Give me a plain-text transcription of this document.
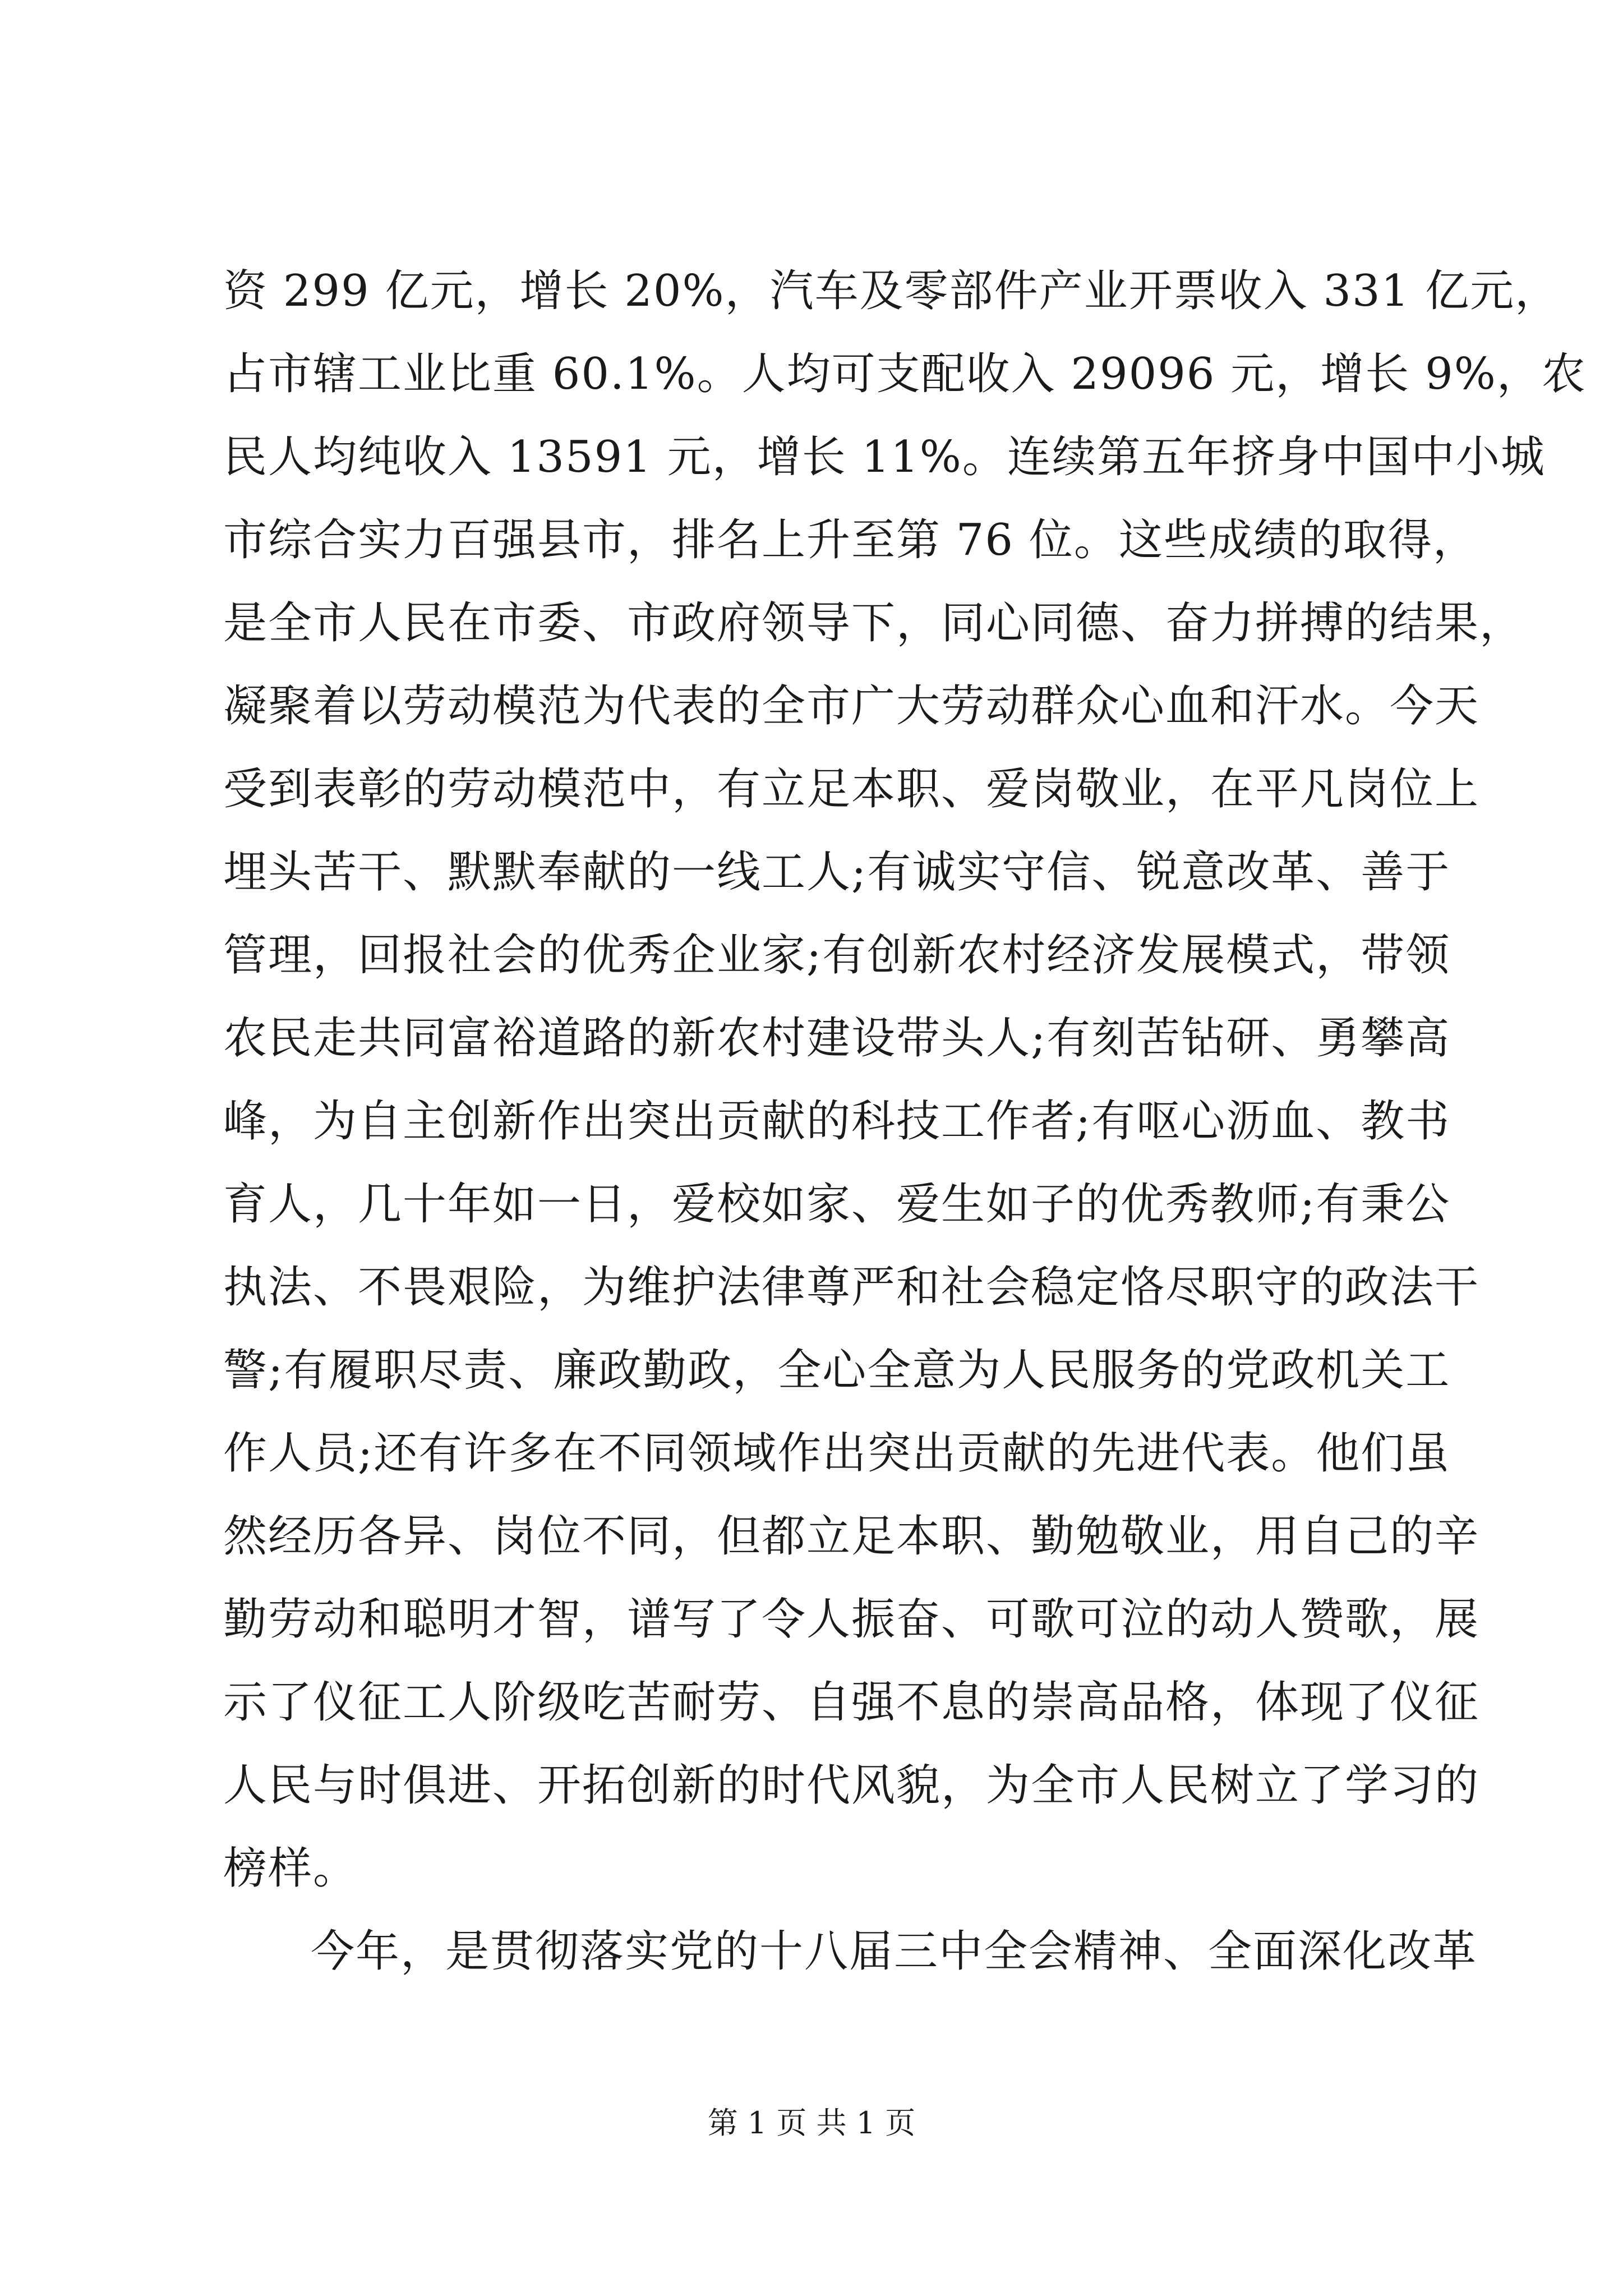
资 299 亿元，增长 20%，汽车及零部件产业开票收入 331 亿元，
占市辖工业比重 60.1%。人均可支配收入 29096 元，增长 9%，农
民人均纯收入 13591 元，增长 11%。连续第五年挤身中国中小城
市综合实力百强县市，排名上升至第 76 位。这些成绩的取得，
是全市人民在市委、市政府领导下，同心同德、奋力拼搏的结果，
凝聚着以劳动模范为代表的全市广大劳动群众心血和汗水。今天
受到表彰的劳动模范中，有立足本职、爱岗敬业，在平凡岗位上
埋头苦干、默默奉献的一线工人;有诚实守信、锐意改革、善于
管理，回报社会的优秀企业家;有创新农村经济发展模式，带领
农民走共同富裕道路的新农村建设带头人;有刻苦钻研、勇攀高
峰，为自主创新作出突出贡献的科技工作者;有呕心沥血、教书
育人，几十年如一日，爱校如家、爱生如子的优秀教师;有秉公
执法、不畏艰险，为维护法律尊严和社会稳定恪尽职守的政法干
警;有履职尽责、廉政勤政，全心全意为人民服务的党政机关工
作人员;还有许多在不同领域作出突出贡献的先进代表。他们虽
然经历各异、岗位不同，但都立足本职、勤勉敬业，用自己的辛
勤劳动和聪明才智，谱写了令人振奋、可歌可泣的动人赞歌，展
示了仪征工人阶级吃苦耐劳、自强不息的崇高品格，体现了仪征
人民与时俱进、开拓创新的时代风貌，为全市人民树立了学习的
榜样。
今年，是贯彻落实党的十八届三中全会精神、全面深化改革
第 1 页 共 1 页
